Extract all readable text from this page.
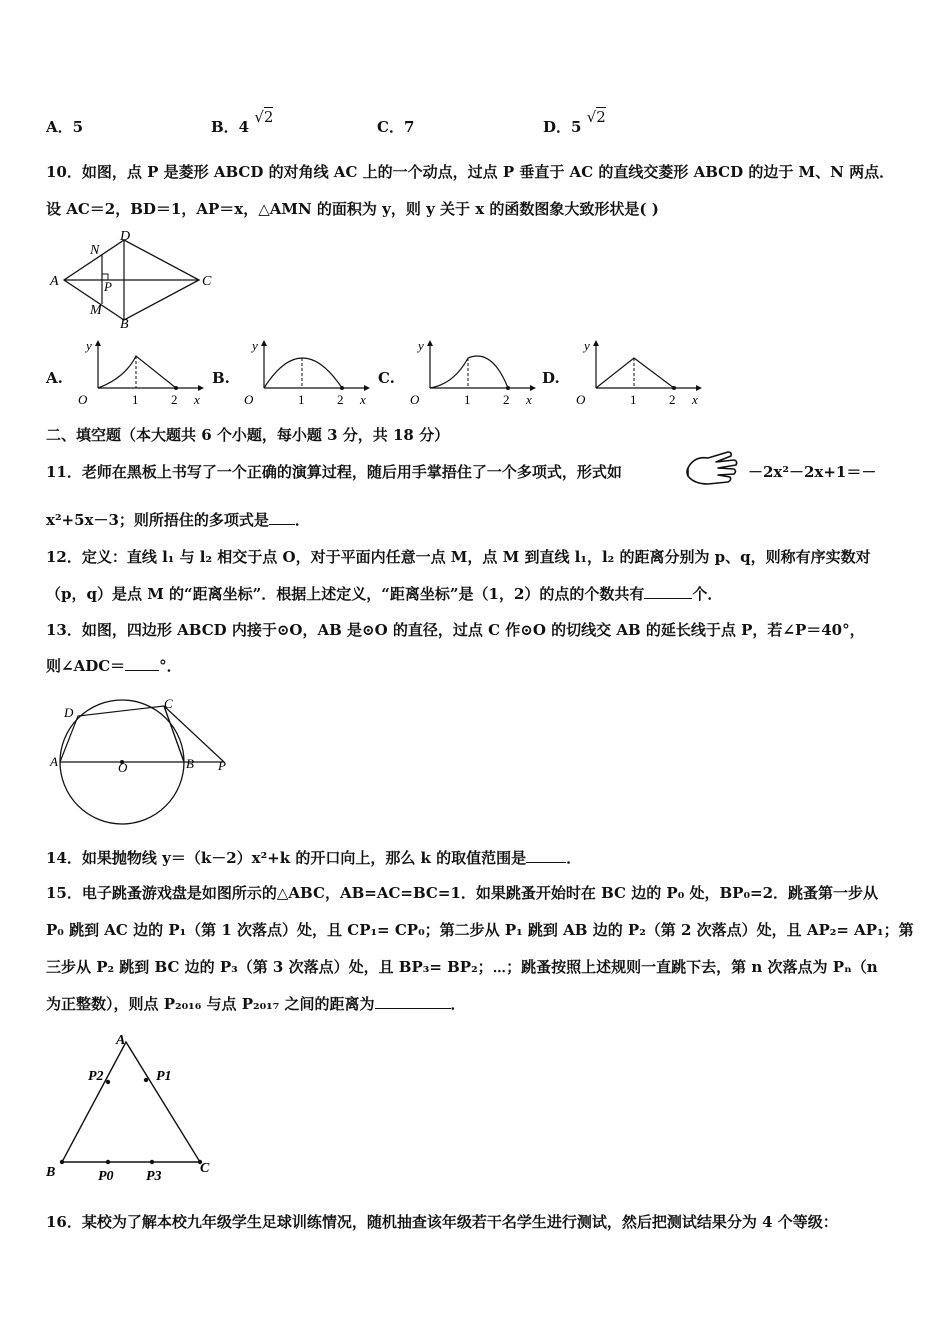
A．5	B．4 √2
C．7	D．5 √2
10．如图，点 P 是菱形 ABCD 的对角线 AC 上的一个动点，过点 P 垂直于 AC 的直线交菱形 ABCD 的边于 M、N 两点．
设 AC＝2，BD＝1，AP＝x，△AMN 的面积为 y，则 y 关于 x 的函数图象大致形状是( )
A
B
C
D
N
M
P
A.	B.	C.	D.
y
O	1	2 x
y
O	1	2 x
y
O	1	2 x
y
O	1	2 x
二、填空题（本大题共 6 个小题，每小题 3 分，共 18 分）
11．老师在黑板上书写了一个正确的演算过程，随后用手掌捂住了一个多项式，形式如	－2x²－2x+1＝－
x²+5x－3；则所捂住的多项式是 ．
12．定义：直线 l₁ 与 l₂ 相交于点 O，对于平面内任意一点 M，点 M 到直线 l₁，l₂ 的距离分别为 p、q，则称有序实数对
（p，q）是点 M 的“距离坐标”．根据上述定义，“距离坐标”是（1，2）的点的个数共有	个．
13．如图，四边形 ABCD 内接于⊙O，AB 是⊙O 的直径，过点 C 作⊙O 的切线交 AB 的延长线于点 P，若∠P＝40°，
则∠ADC＝ °．
D
C
A	O	B P
14．如果抛物线 y＝（k－2）x²+k 的开口向上，那么 k 的取值范围是	．
15．电子跳蚤游戏盘是如图所示的△ABC，AB=AC=BC=1．如果跳蚤开始时在 BC 边的 P₀ 处，BP₀=2．跳蚤第一步从
P₀ 跳到 AC 边的 P₁（第 1 次落点）处，且 CP₁= CP₀；第二步从 P₁ 跳到 AB 边的 P₂（第 2 次落点）处，且 AP₂= AP₁；第
三步从 P₂ 跳到 BC 边的 P₃（第 3 次落点）处，且 BP₃= BP₂；⋯；跳蚤按照上述规则一直跳下去，第 n 次落点为 Pₙ（n
为正整数），则点 P₂₀₁₆ 与点 P₂₀₁₇ 之间的距离为	．
A
P2	P1
B	P0 P3
C
16．某校为了解本校九年级学生足球训练情况，随机抽查该年级若干名学生进行测试，然后把测试结果分为 4 个等级：
